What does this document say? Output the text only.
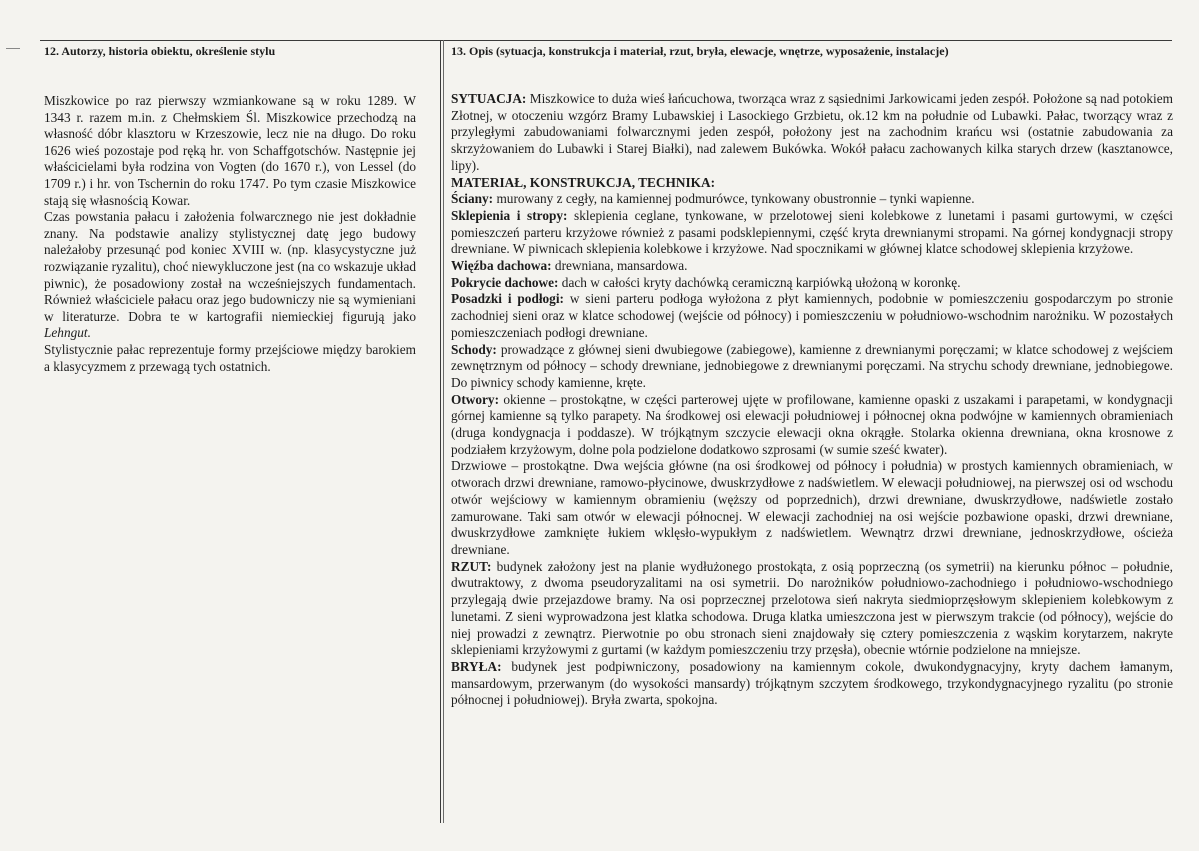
12. Autorzy, historia obiektu, określenie stylu	13. Opis (sytuacja, konstrukcja i materiał, rzut, bryła, elewacje, wnętrze, wyposażenie, instalacje)

Miszkowice po raz pierwszy wzmiankowane są w roku 1289. W 1343 r. razem m.in. z Chełmskiem Śl. Miszkowice przechodzą na własność dóbr klasztoru w Krzeszowie, lecz nie na długo. Do roku 1626 wieś pozostaje pod ręką hr. von Schaffgotschów. Następnie jej właścicielami była rodzina von Vogten (do 1670 r.), von Lessel (do 1709 r.) i hr. von Tschernin do roku 1747. Po tym czasie Miszkowice stają się własnością Kowar.

Czas powstania pałacu i założenia folwarcznego nie jest dokładnie znany. Na podstawie analizy stylistycznej datę jego budowy należałoby przesunąć pod koniec XVIII w. (np. klasycystyczne już rozwiązanie ryzalitu), choć niewykluczone jest (na co wskazuje układ piwnic), że posadowiony został na wcześniejszych fundamentach. Również właściciele pałacu oraz jego budowniczy nie są wymieniani w literaturze. Dobra te w kartografii niemieckiej figurują jako Lehngut.

Stylistycznie pałac reprezentuje formy przejściowe między barokiem a klasycyzmem z przewagą tych ostatnich.

SYTUACJA: Miszkowice to duża wieś łańcuchowa, tworząca wraz z sąsiednimi Jarkowicami jeden zespół. Położone są nad potokiem Złotnej, w otoczeniu wzgórz Bramy Lubawskiej i Lasockiego Grzbietu, ok.12 km na południe od Lubawki. Pałac, tworzący wraz z przyległymi zabudowaniami folwarcznymi jeden zespół, położony jest na zachodnim krańcu wsi (ostatnie zabudowania za skrzyżowaniem do Lubawki i Starej Białki), nad zalewem Bukówka. Wokół pałacu zachowanych kilka starych drzew (kasztanowce, lipy).

MATERIAŁ, KONSTRUKCJA, TECHNIKA:

Ściany: murowany z cegły, na kamiennej podmurówce, tynkowany obustronnie – tynki wapienne.

Sklepienia i stropy: sklepienia ceglane, tynkowane, w przelotowej sieni kolebkowe z lunetami i pasami gurtowymi, w części pomieszczeń parteru krzyżowe również z pasami podsklepiennymi, część kryta drewnianymi stropami. Na górnej kondygnacji stropy drewniane. W piwnicach sklepienia kolebkowe i krzyżowe. Nad spocznikami w głównej klatce schodowej sklepienia krzyżowe.

Więźba dachowa: drewniana, mansardowa.

Pokrycie dachowe: dach w całości kryty dachówką ceramiczną karpiówką ułożoną w koronkę.

Posadzki i podłogi: w sieni parteru podłoga wyłożona z płyt kamiennych, podobnie w pomieszczeniu gospodarczym po stronie zachodniej sieni oraz w klatce schodowej (wejście od północy) i pomieszczeniu w południowo-wschodnim narożniku. W pozostałych pomieszczeniach podłogi drewniane.

Schody: prowadzące z głównej sieni dwubiegowe (zabiegowe), kamienne z drewnianymi poręczami; w klatce schodowej z wejściem zewnętrznym od północy – schody drewniane, jednobiegowe z drewnianymi poręczami. Na strychu schody drewniane, jednobiegowe. Do piwnicy schody kamienne, kręte.

Otwory: okienne – prostokątne, w części parterowej ujęte w profilowane, kamienne opaski z uszakami i parapetami, w kondygnacji górnej kamienne są tylko parapety. Na środkowej osi elewacji południowej i północnej okna podwójne w kamiennych obramieniach (druga kondygnacja i poddasze). W trójkątnym szczycie elewacji okna okrągłe. Stolarka okienna drewniana, okna krosnowe z podziałem krzyżowym, dolne pola podzielone dodatkowo szprosami (w sumie sześć kwater).

Drzwiowe – prostokątne. Dwa wejścia główne (na osi środkowej od północy i południa) w prostych kamiennych obramieniach, w otworach drzwi drewniane, ramowo-płycinowe, dwuskrzydłowe z nadświetlem. W elewacji południowej, na pierwszej osi od wschodu otwór wejściowy w kamiennym obramieniu (węższy od poprzednich), drzwi drewniane, dwuskrzydłowe, nadświetle zostało zamurowane. Taki sam otwór w elewacji północnej. W elewacji zachodniej na osi wejście pozbawione opaski, drzwi drewniane, dwuskrzydłowe zamknięte łukiem wklęsło-wypukłym z nadświetlem. Wewnątrz drzwi drewniane, jednoskrzydłowe, ościeża drewniane.

RZUT: budynek założony jest na planie wydłużonego prostokąta, z osią poprzeczną (os symetrii) na kierunku północ – południe, dwutraktowy, z dwoma pseudoryzalitami na osi symetrii. Do narożników południowo-zachodniego i południowo-wschodniego przylegają dwie przejazdowe bramy. Na osi poprzecznej przelotowa sień nakryta siedmioprzęsłowym sklepieniem kolebkowym z lunetami. Z sieni wyprowadzona jest klatka schodowa. Druga klatka umieszczona jest w pierwszym trakcie (od północy), wejście do niej prowadzi z zewnątrz. Pierwotnie po obu stronach sieni znajdowały się cztery pomieszczenia z wąskim korytarzem, nakryte sklepieniami krzyżowymi z gurtami (w każdym pomieszczeniu trzy przęsła), obecnie wtórnie podzielone na mniejsze.

BRYŁA: budynek jest podpiwniczony, posadowiony na kamiennym cokole, dwukondygnacyjny, kryty dachem łamanym, mansardowym, przerwanym (do wysokości mansardy) trójkątnym szczytem środkowego, trzykondygnacyjnego ryzalitu (po stronie północnej i południowej). Bryła zwarta, spokojna.
